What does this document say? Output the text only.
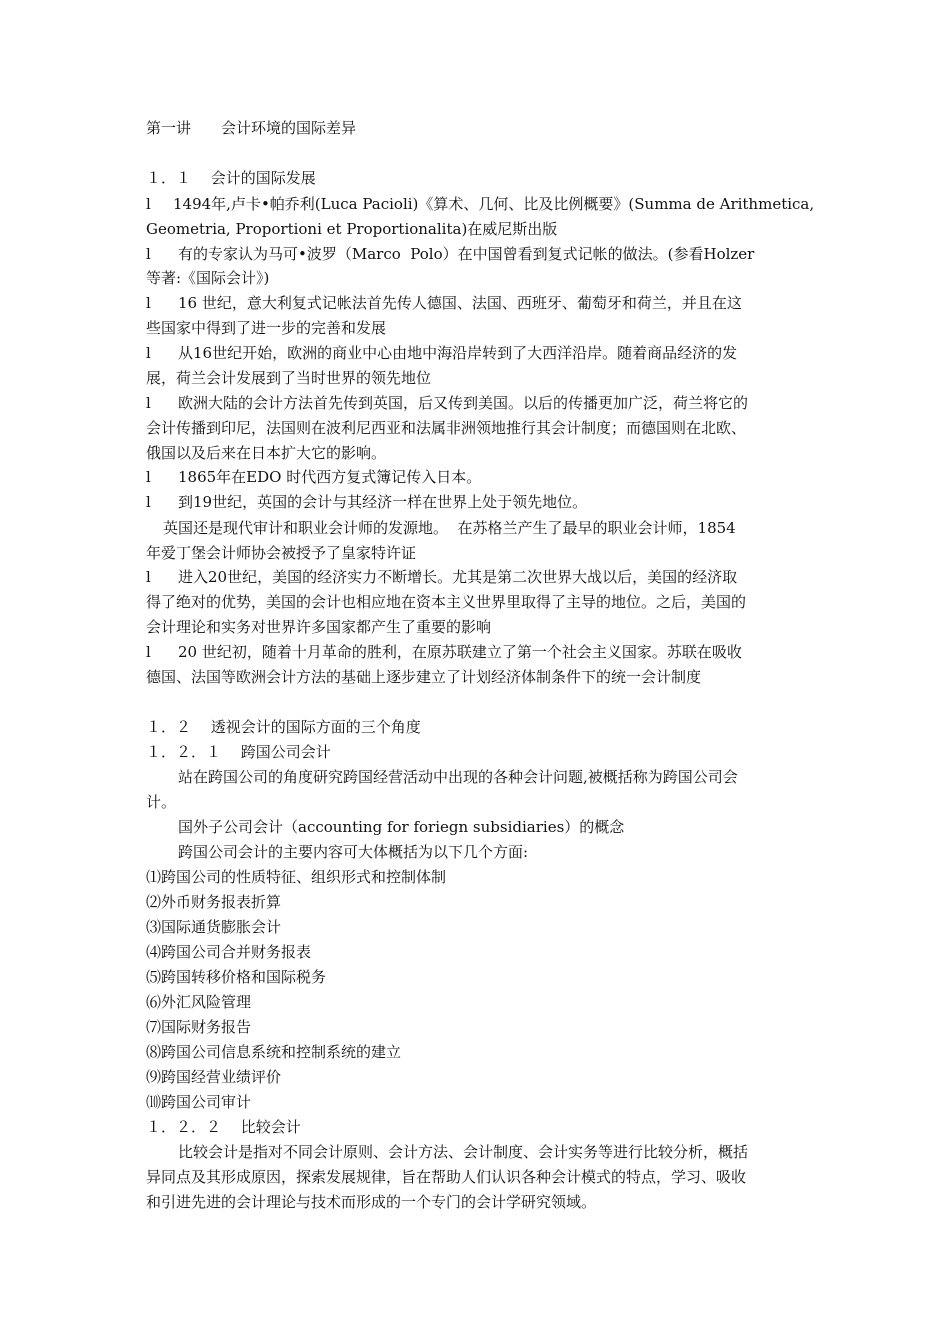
第一讲　　会计环境的国际差异
１．１　 会计的国际发展
l 1494年,卢卡•帕乔利(Luca Pacioli)《算术、几何、比及比例概要》(Summa de Arithmetica,
Geometria, Proportioni et Proportionalita)在威尼斯出版
l 有的专家认为马可•波罗（Marco  Polo）在中国曾看到复式记帐的做法。(参看Holzer
等著:《国际会计》)
l 16 世纪，意大利复式记帐法首先传人德国、法国、西班牙、葡萄牙和荷兰，并且在这
些国家中得到了进一步的完善和发展
l 从16世纪开始，欧洲的商业中心由地中海沿岸转到了大西洋沿岸。随着商品经济的发
展，荷兰会计发展到了当时世界的领先地位
l 欧洲大陆的会计方法首先传到英国，后又传到美国。以后的传播更加广泛，荷兰将它的
会计传播到印尼，法国则在波利尼西亚和法属非洲领地推行其会计制度；而德国则在北欧、
俄国以及后来在日本扩大它的影响。
l 1865年在EDO 时代西方复式簿记传入日本。
l 到19世纪，英国的会计与其经济一样在世界上处于领先地位。
英国还是现代审计和职业会计师的发源地。  在苏格兰产生了最早的职业会计师，1854
年爱丁堡会计师协会被授予了皇家特许证
l 进入20世纪，美国的经济实力不断增长。尤其是第二次世界大战以后，美国的经济取
得了绝对的优势，美国的会计也相应地在资本主义世界里取得了主导的地位。之后，美国的
会计理论和实务对世界许多国家都产生了重要的影响
l 20 世纪初，随着十月革命的胜利，在原苏联建立了第一个社会主义国家。苏联在吸收
德国、法国等欧洲会计方法的基础上逐步建立了计划经济体制条件下的统一会计制度
１．２　 透视会计的国际方面的三个角度
１．２．１　 跨国公司会计
站在跨国公司的角度研究跨国经营活动中出现的各种会计问题,被概括称为跨国公司会
计。
国外子公司会计（accounting for foriegn subsidiaries）的概念
跨国公司会计的主要内容可大体概括为以下几个方面:
⑴跨国公司的性质特征、组织形式和控制体制
⑵外币财务报表折算
⑶国际通货膨胀会计
⑷跨国公司合并财务报表
⑸跨国转移价格和国际税务
⑹外汇风险管理
⑺国际财务报告
⑻跨国公司信息系统和控制系统的建立
⑼跨国经营业绩评价
⑽跨国公司审计
１．２．２　 比较会计
比较会计是指对不同会计原则、会计方法、会计制度、会计实务等进行比较分析，概括
异同点及其形成原因，探索发展规律，旨在帮助人们认识各种会计模式的特点，学习、吸收
和引进先进的会计理论与技术而形成的一个专门的会计学研究领域。
